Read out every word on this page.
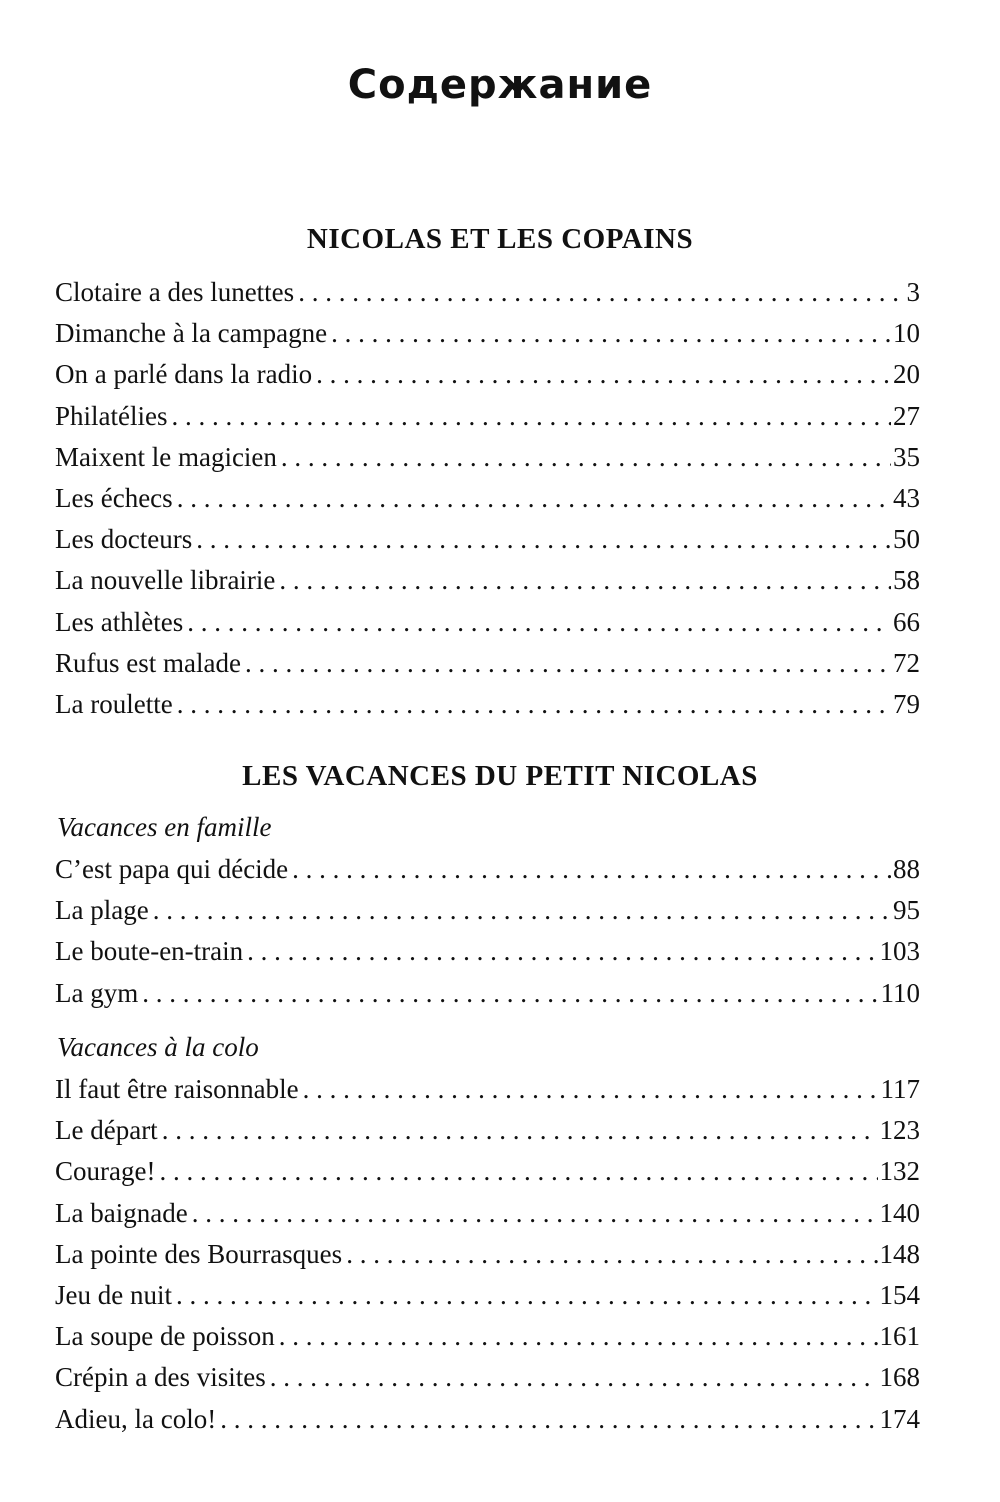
Содержание
NICOLAS ET LES COPAINS
Clotaire a des lunettes . . .	3
Dimanche à la campagne . . .	10
On a parlé dans la radio . . .	20
Philatélies . . .	27
Maixent le magicien . . .	35
Les échecs . . .	43
Les docteurs . . .	50
La nouvelle librairie . . .	58
Les athlètes . . .	66
Rufus est malade . . .	72
La roulette . . .	79
LES VACANCES DU PETIT NICOLAS
Vacances en famille
C’est papa qui décide . . .	88
La plage . . .	95
Le boute-en-train . . .	103
La gym . . .	110
Vacances à la colo
Il faut être raisonnable . . .	117
Le départ . . .	123
Courage! . . .	132
La baignade . . .	140
La pointe des Bourrasques . . .	148
Jeu de nuit . . .	154
La soupe de poisson . . .	161
Crépin a des visites . . .	168
Adieu, la colo! . . .	174
